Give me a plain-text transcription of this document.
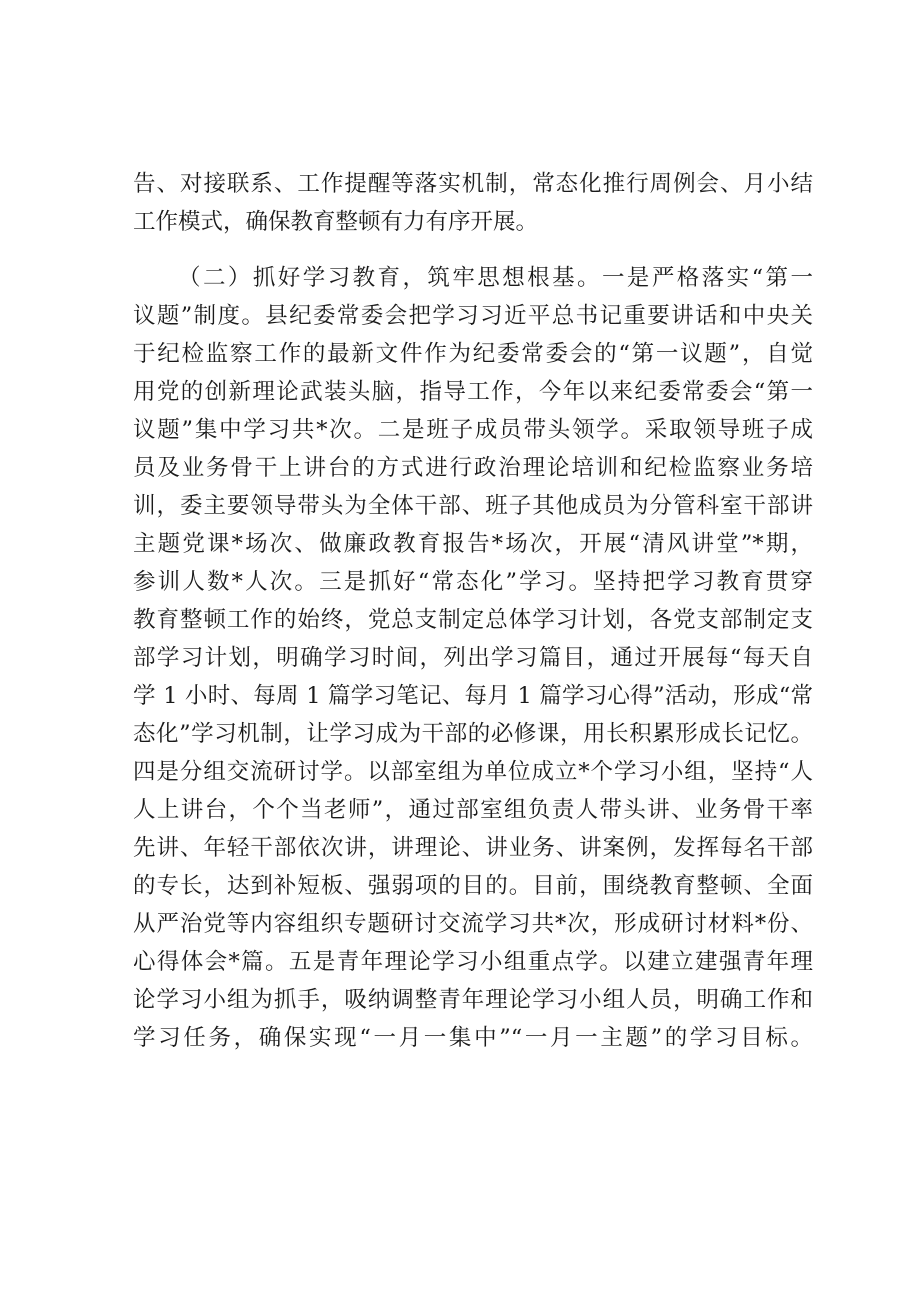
告、对接联系、工作提醒等落实机制，常态化推行周例会、月小结
工作模式，确保教育整顿有力有序开展。
（二）抓好学习教育，筑牢思想根基。一是严格落实“第一
议题”制度。县纪委常委会把学习习近平总书记重要讲话和中央关
于纪检监察工作的最新文件作为纪委常委会的“第一议题”，自觉
用党的创新理论武装头脑，指导工作，今年以来纪委常委会“第一
议题”集中学习共*次。二是班子成员带头领学。采取领导班子成
员及业务骨干上讲台的方式进行政治理论培训和纪检监察业务培
训，委主要领导带头为全体干部、班子其他成员为分管科室干部讲
主题党课*场次、做廉政教育报告*场次，开展“清风讲堂”*期，
参训人数*人次。三是抓好“常态化”学习。坚持把学习教育贯穿
教育整顿工作的始终，党总支制定总体学习计划，各党支部制定支
部学习计划，明确学习时间，列出学习篇目，通过开展每“每天自
学 1 小时、每周 1 篇学习笔记、每月 1 篇学习心得”活动，形成“常
态化”学习机制，让学习成为干部的必修课，用长积累形成长记忆。
四是分组交流研讨学。以部室组为单位成立*个学习小组，坚持“人
人上讲台，个个当老师”，通过部室组负责人带头讲、业务骨干率
先讲、年轻干部依次讲，讲理论、讲业务、讲案例，发挥每名干部
的专长，达到补短板、强弱项的目的。目前，围绕教育整顿、全面
从严治党等内容组织专题研讨交流学习共*次，形成研讨材料*份、
心得体会*篇。五是青年理论学习小组重点学。以建立建强青年理
论学习小组为抓手，吸纳调整青年理论学习小组人员，明确工作和
学习任务，确保实现“一月一集中”“一月一主题”的学习目标。
